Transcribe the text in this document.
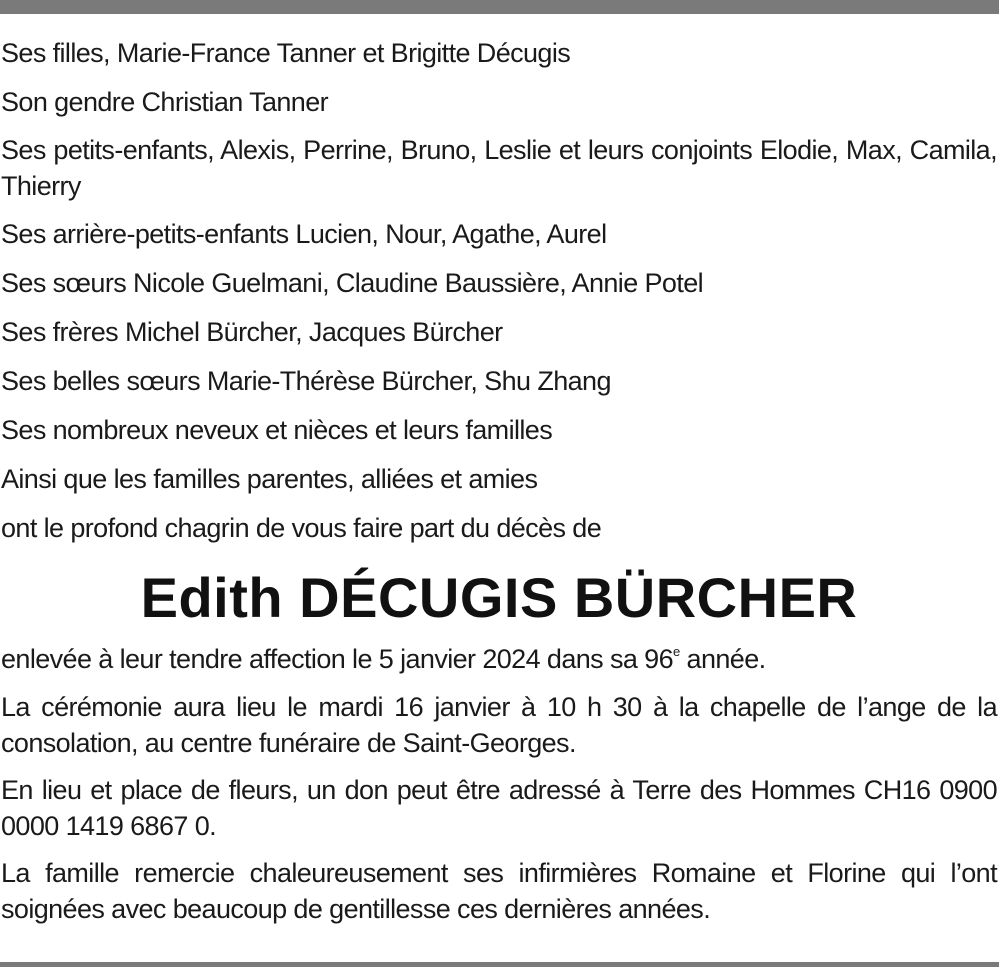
Ses filles, Marie-France Tanner et Brigitte Décugis

Son gendre Christian Tanner

Ses petits-enfants, Alexis, Perrine, Bruno, Leslie et leurs conjoints Elodie, Max, Camila, Thierry

Ses arrière-petits-enfants Lucien, Nour, Agathe, Aurel

Ses sœurs Nicole Guelmani, Claudine Baussière, Annie Potel

Ses frères Michel Bürcher, Jacques Bürcher

Ses belles sœurs Marie-Thérèse Bürcher, Shu Zhang

Ses nombreux neveux et nièces et leurs familles

Ainsi que les familles parentes, alliées et amies

ont le profond chagrin de vous faire part du décès de

Edith DÉCUGIS BÜRCHER

enlevée à leur tendre affection le 5 janvier 2024 dans sa 96e année.

La cérémonie aura lieu le mardi 16 janvier à 10 h 30 à la chapelle de l’ange de la consolation, au centre funéraire de Saint-Georges.

En lieu et place de fleurs, un don peut être adressé à Terre des Hommes CH16 0900 0000 1419 6867 0.

La famille remercie chaleureusement ses infirmières Romaine et Florine qui l’ont soignées avec beaucoup de gentillesse ces dernières années.
